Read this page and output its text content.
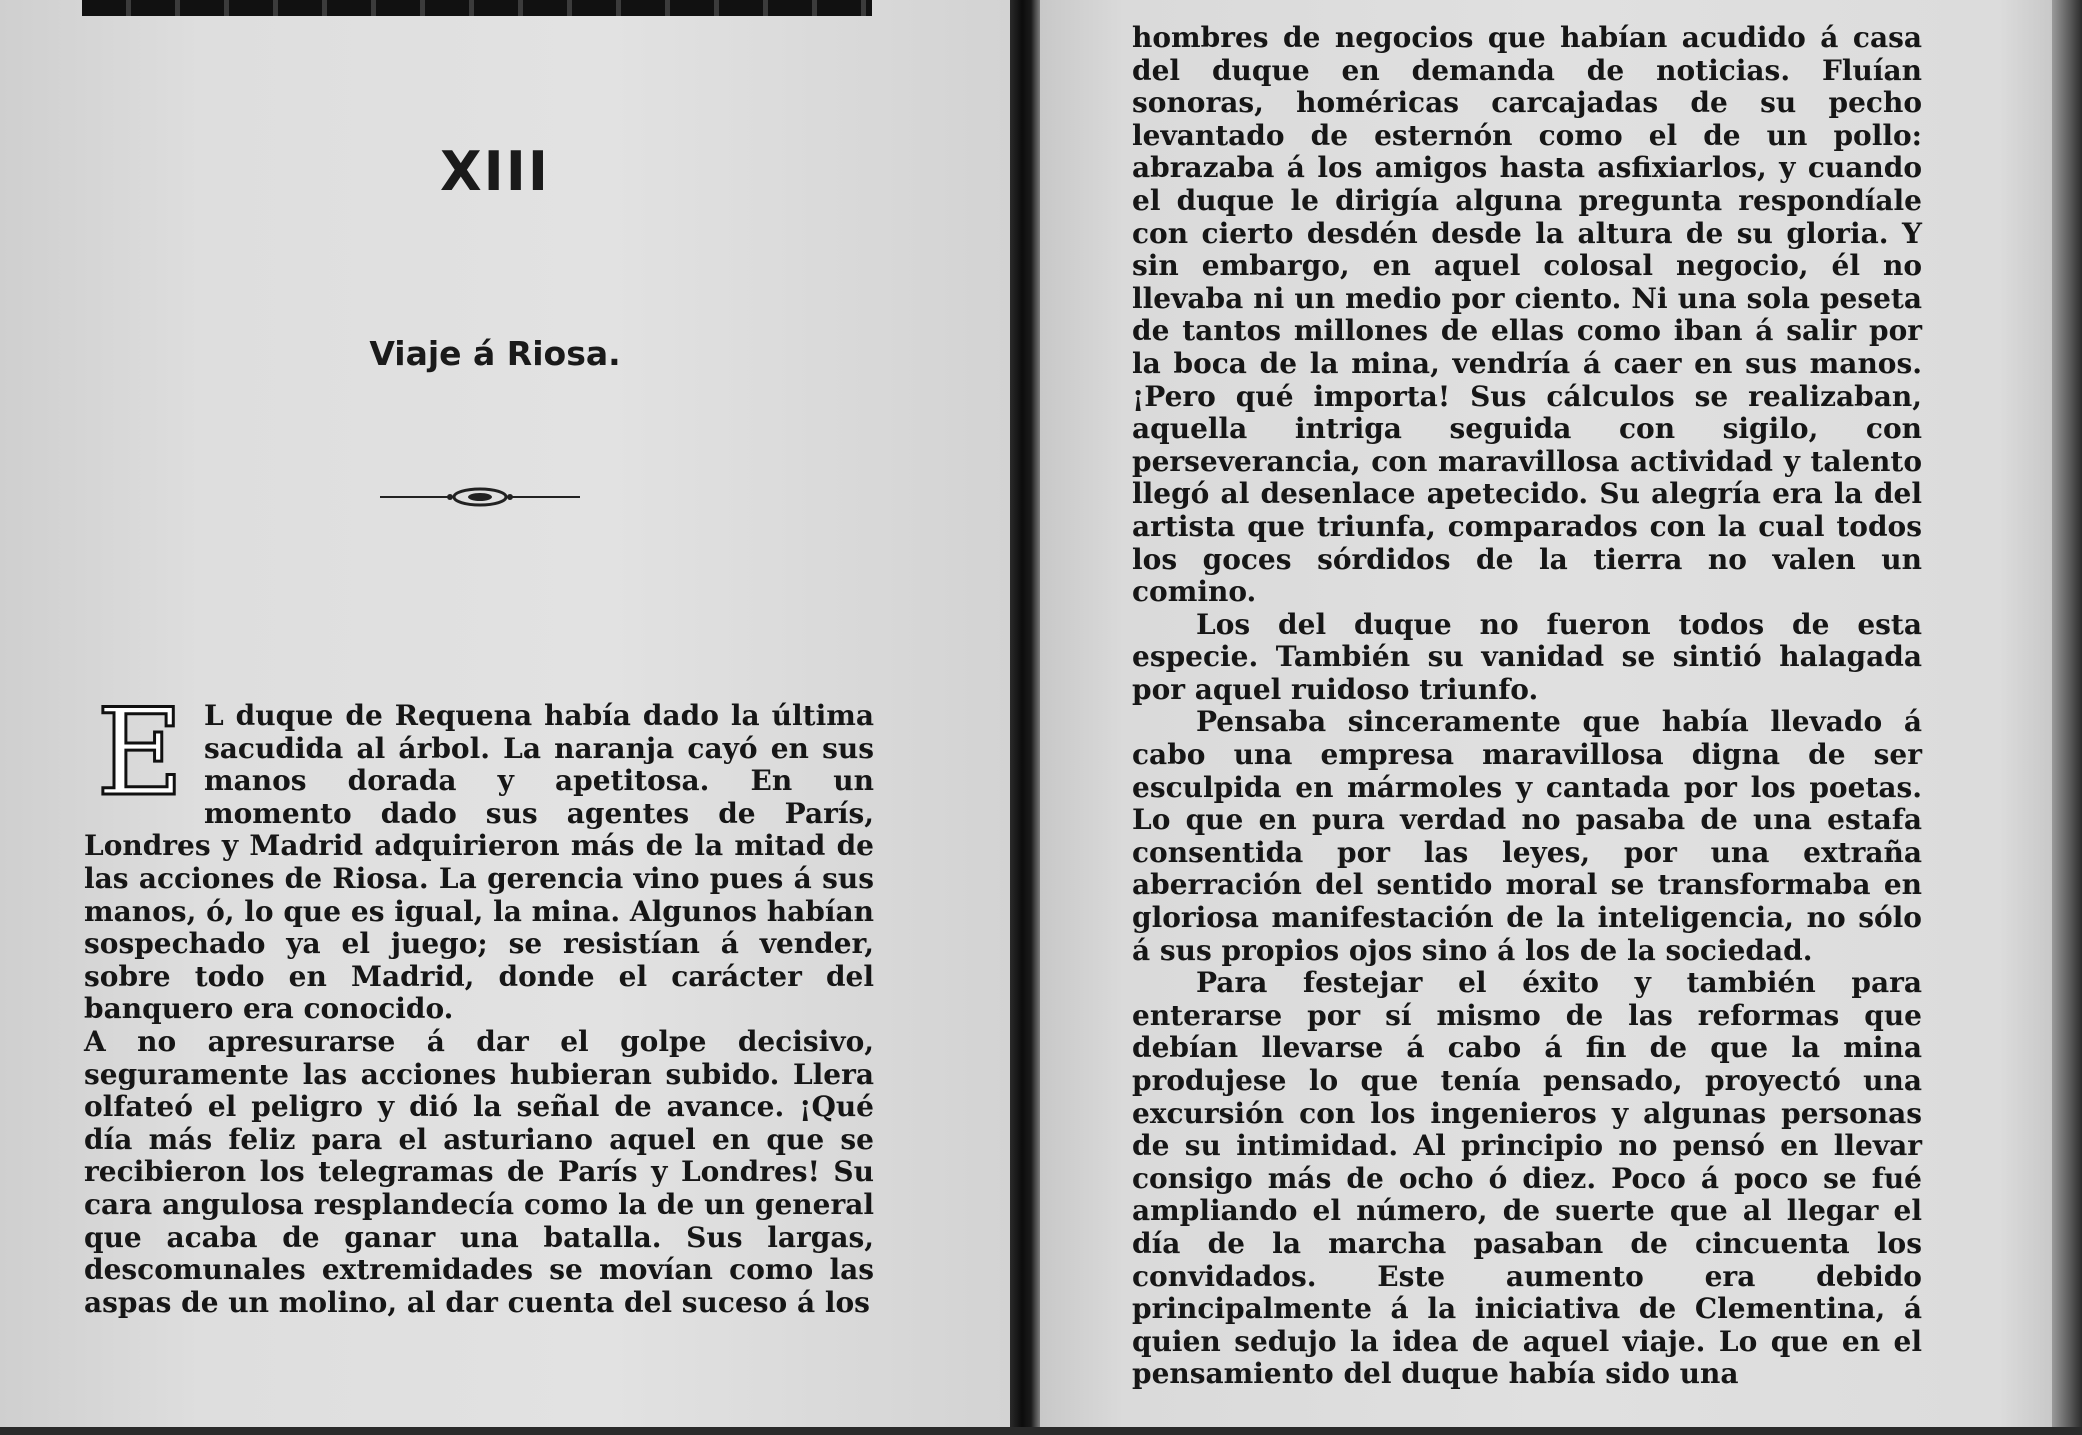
XIII
Viaje á Riosa.
E L duque de Requena había dado la última sacudida al árbol. La naranja cayó en sus manos dorada y apetitosa. En un momento dado sus agentes de París, Londres y Madrid adquirieron más de la mitad de las acciones de Riosa. La gerencia vino pues á sus manos, ó, lo que es igual, la mina. Algunos habían sospechado ya el juego; se resistían á vender, sobre todo en Madrid, donde el carácter del banquero era conocido.

A no apresurarse á dar el golpe decisivo, seguramente las acciones hubieran subido. Llera olfateó el peligro y dió la señal de avance. ¡Qué día más feliz para el asturiano aquel en que se recibieron los telegramas de París y Londres! Su cara angulosa resplandecía como la de un general que acaba de ganar una batalla. Sus largas, descomunales extremidades se movían como las aspas de un molino, al dar cuenta del suceso á los

hombres de negocios que habían acudido á casa del duque en demanda de noticias. Fluían sonoras, homéricas carcajadas de su pecho levantado de esternón como el de un pollo: abrazaba á los amigos hasta asfixiarlos, y cuando el duque le dirigía alguna pregunta respondíale con cierto desdén desde la altura de su gloria. Y sin embargo, en aquel colosal negocio, él no llevaba ni un medio por ciento. Ni una sola peseta de tantos millones de ellas como iban á salir por la boca de la mina, vendría á caer en sus manos. ¡Pero qué importa! Sus cálculos se realizaban, aquella intriga seguida con sigilo, con perseverancia, con maravillosa actividad y talento llegó al desenlace apetecido. Su alegría era la del artista que triunfa, comparados con la cual todos los goces sórdidos de la tierra no valen un comino.

Los del duque no fueron todos de esta especie. También su vanidad se sintió halagada por aquel ruidoso triunfo.

Pensaba sinceramente que había llevado á cabo una empresa maravillosa digna de ser esculpida en mármoles y cantada por los poetas. Lo que en pura verdad no pasaba de una estafa consentida por las leyes, por una extraña aberración del sentido moral se transformaba en gloriosa manifestación de la inteligencia, no sólo á sus propios ojos sino á los de la sociedad.

Para festejar el éxito y también para enterarse por sí mismo de las reformas que debían llevarse á cabo á fin de que la mina produjese lo que tenía pensado, proyectó una excursión con los ingenieros y algunas personas de su intimidad. Al principio no pensó en llevar consigo más de ocho ó diez. Poco á poco se fué ampliando el número, de suerte que al llegar el día de la marcha pasaban de cincuenta los convidados. Este aumento era debido principalmente á la iniciativa de Clementina, á quien sedujo la idea de aquel viaje. Lo que en el pensamiento del duque había sido una
